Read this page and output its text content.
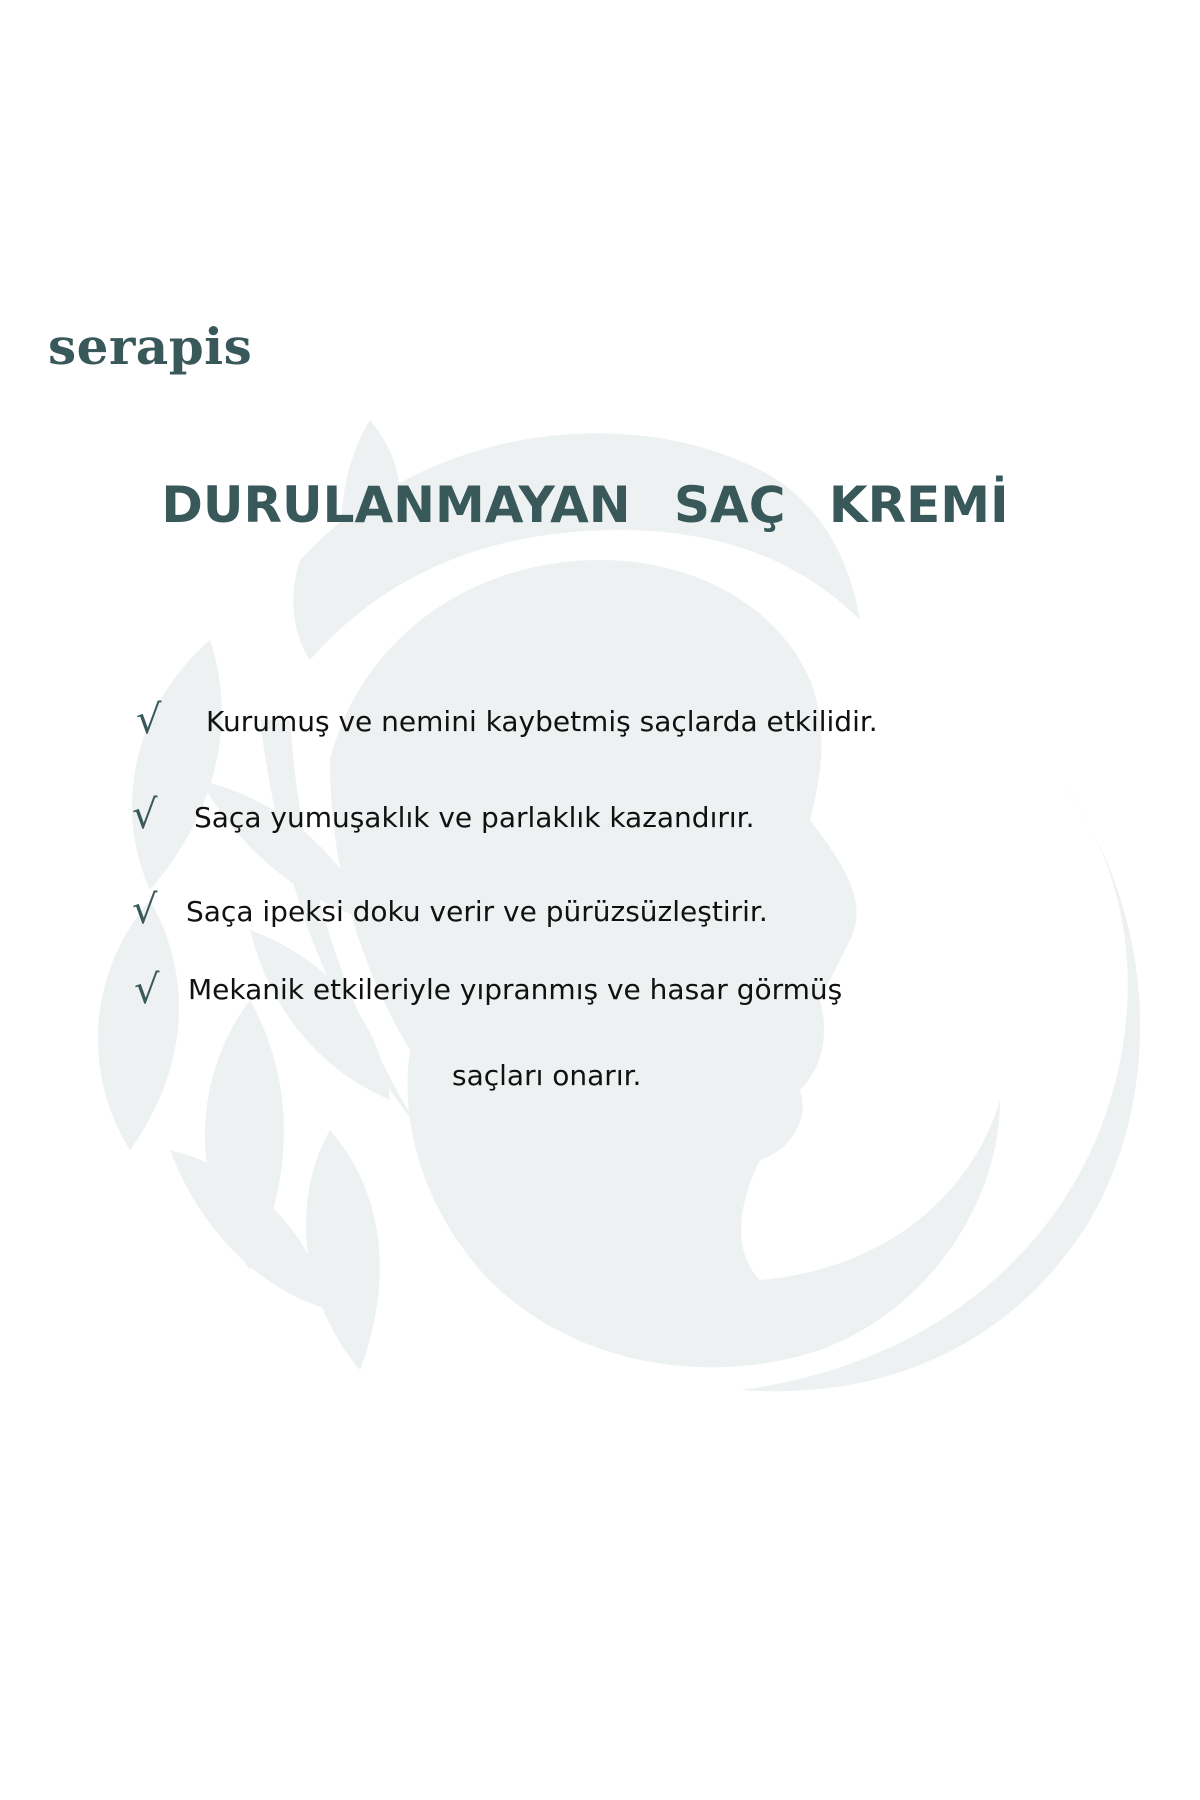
serapis
DURULANMAYAN SAÇ KREMİ
√ Kurumuş ve nemini kaybetmiş saçlarda etkilidir.
√ Saça yumuşaklık ve parlaklık kazandırır.
√ Saça ipeksi doku verir ve pürüzsüzleştirir.
√ Mekanik etkileriyle yıpranmış ve hasar görmüş
saçları onarır.
